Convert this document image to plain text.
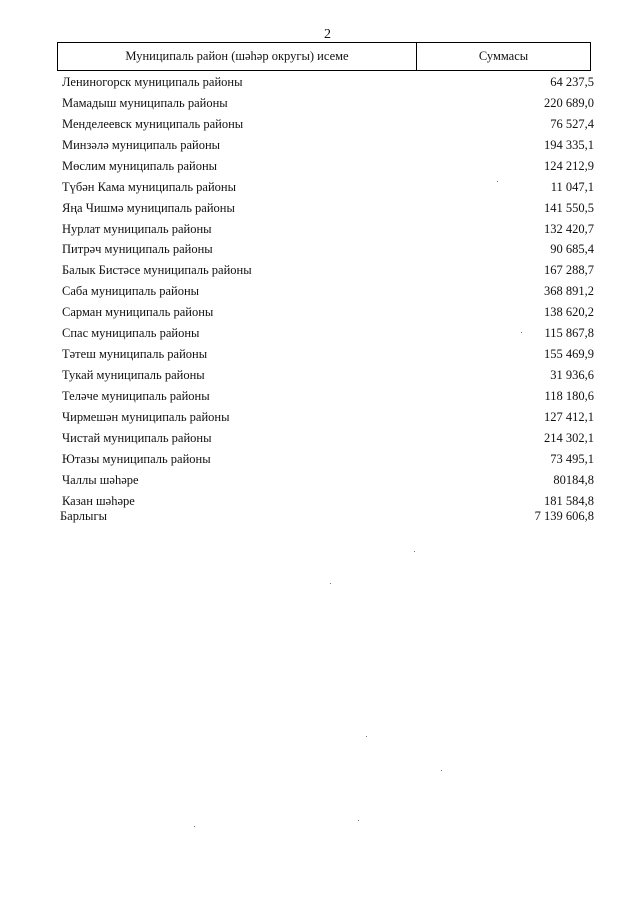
2
Муниципаль район (шәһәр округы) исеме	Суммасы
Лениногорск муниципаль районы	64 237,5
Мамадыш муниципаль районы	220 689,0
Менделеевск муниципаль районы	76 527,4
Минзәлә муниципаль районы	194 335,1
Мөслим муниципаль районы	124 212,9
Түбән Кама муниципаль районы	11 047,1
Яңа Чишмә муниципаль районы	141 550,5
Нурлат муниципаль районы	132 420,7
Питрәч муниципаль районы	90 685,4
Балык Бистәсе муниципаль районы	167 288,7
Саба муниципаль районы	368 891,2
Сарман муниципаль районы	138 620,2
Спас муниципаль районы	115 867,8
Тәтеш муниципаль районы	155 469,9
Тукай муниципаль районы	31 936,6
Теләче муниципаль районы	118 180,6
Чирмешән муниципаль районы	127 412,1
Чистай муниципаль районы	214 302,1
Ютазы муниципаль районы	73 495,1
Чаллы шәһәре	80184,8
Казан шәһәре	181 584,8
Барлыгы	7 139 606,8
